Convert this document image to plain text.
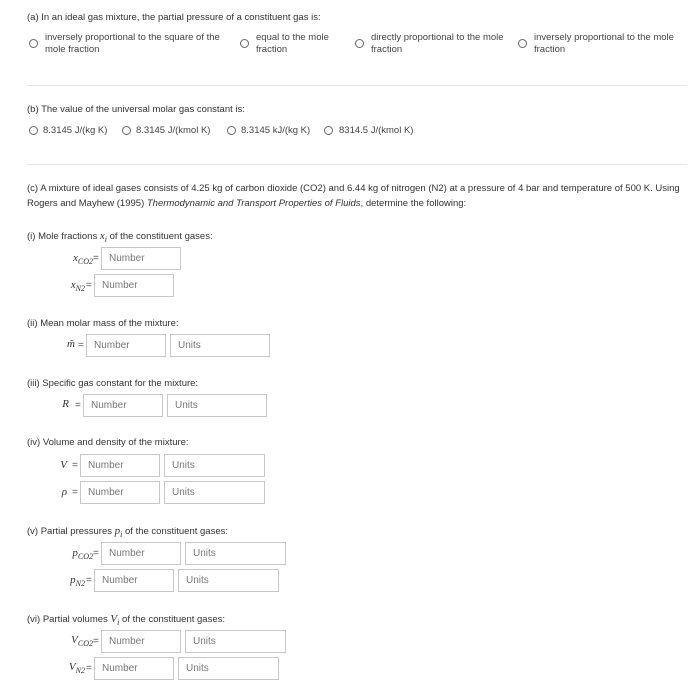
(a) In an ideal gas mixture, the partial pressure of a constituent gas is:
inversely proportional to the square of the mole fraction
equal to the mole fraction
directly proportional to the mole fraction
inversely proportional to the mole fraction
(b) The value of the universal molar gas constant is:
8.3145 J/(kg K)	8.3145 J/(kmol K)	8.3145 kJ/(kg K)	8314.5 J/(kmol K)
(c) A mixture of ideal gases consists of 4.25 kg of carbon dioxide (CO2) and 6.44 kg of nitrogen (N2) at a pressure of 4 bar and temperature of 500 K. Using
Rogers and Mayhew (1995) Thermodynamic and Transport Properties of Fluids, determine the following:
(i) Mole fractions $x_i$ of the constituent gases:
$x_{CO2}$ =	Number
$x_{N2}$ =	Number
(ii) Mean molar mass of the mixture:
m̃ =	Number	Units
(iii) Specific gas constant for the mixture:
R =	Number	Units
(iv) Volume and density of the mixture:
V =	Number	Units
ρ =	Number	Units
(v) Partial pressures $p_i$ of the constituent gases:
$p_{CO2}$ =	Number	Units
$p_{N2}$ =	Number	Units
(vi) Partial volumes $V_i$ of the constituent gases:
$V_{CO2}$ =	Number	Units
$V_{N2}$ =	Number	Units
